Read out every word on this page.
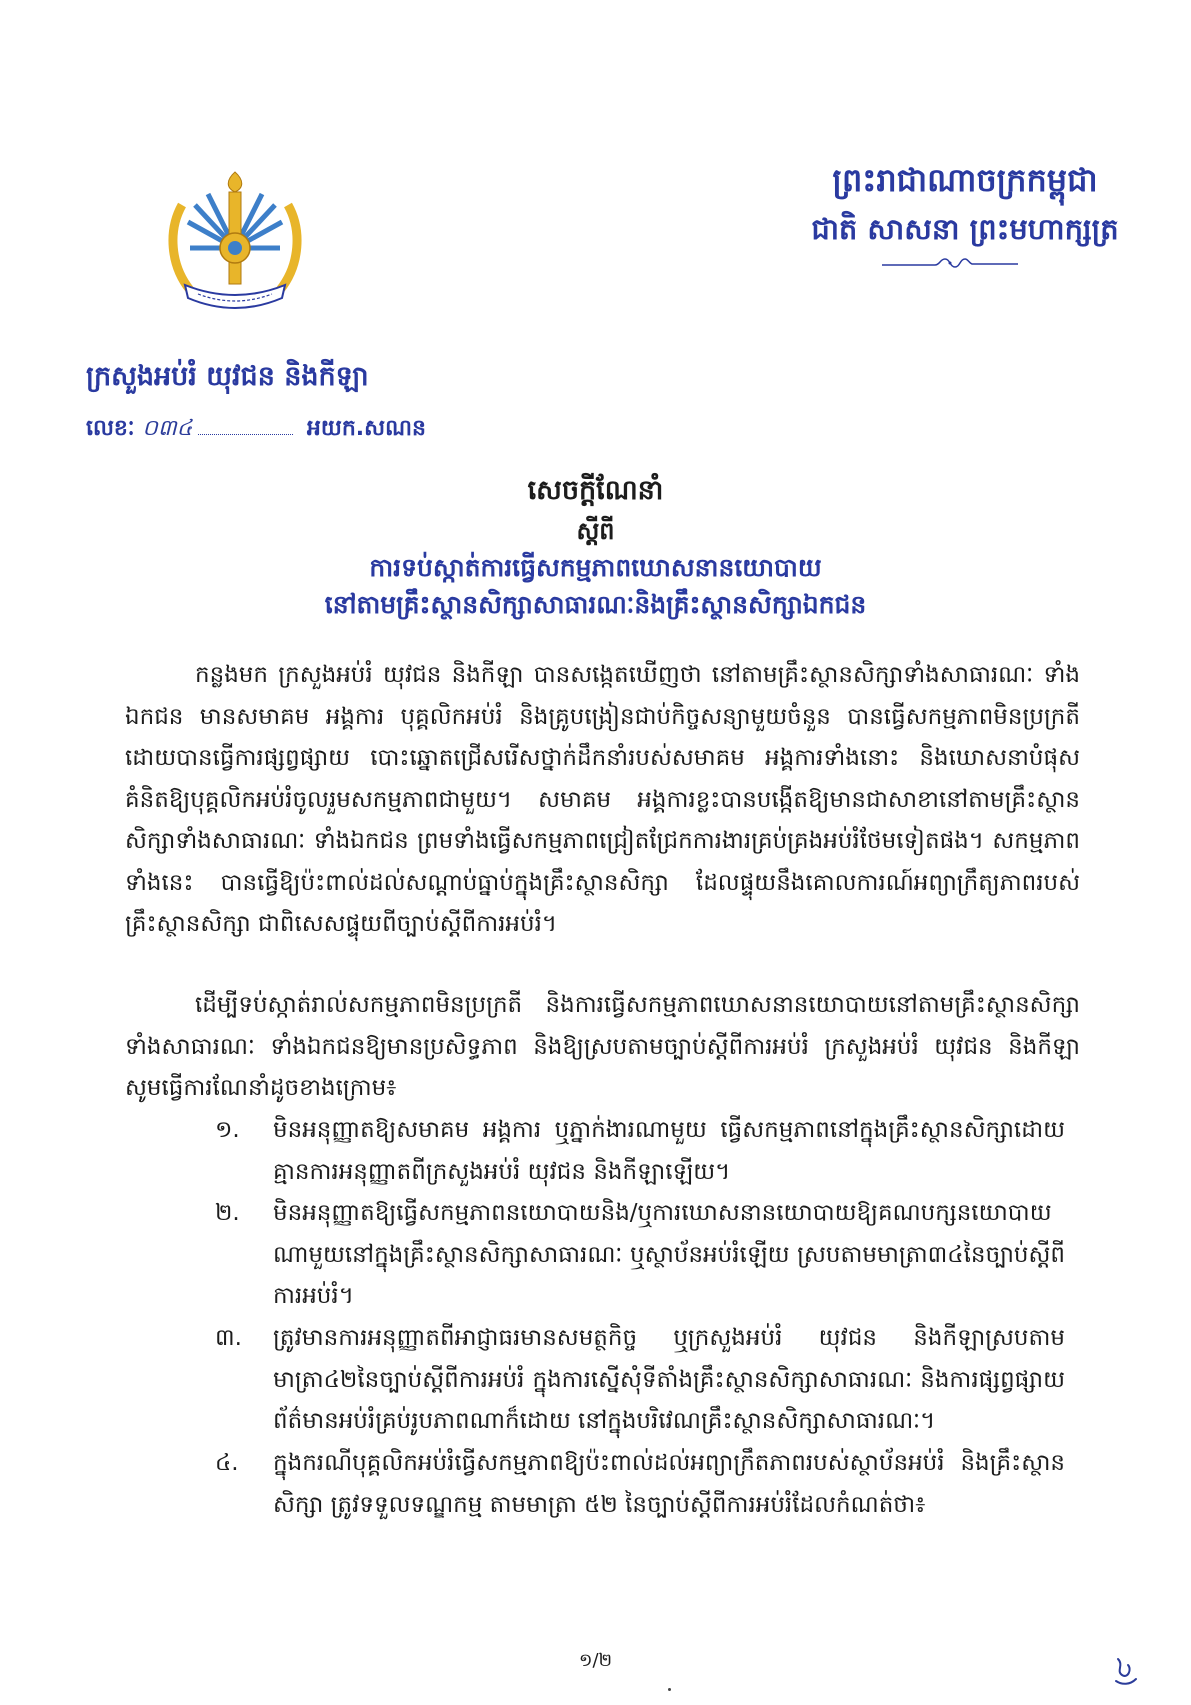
ព្រះរាជាណាចក្រកម្ពុជា
ជាតិ សាសនា ព្រះមហាក្សត្រ
ក្រសួងអប់រំ យុវជន និងកីឡា
លេខៈ ០៣៤	អយក.សណន
សេចក្ដីណែនាំ
ស្ដីពី
ការទប់ស្កាត់ការធ្វើសកម្មភាពឃោសនានយោបាយ
នៅតាមគ្រឹះស្ថានសិក្សាសាធារណៈនិងគ្រឹះស្ថានសិក្សាឯកជន
កន្លងមក ក្រសួងអប់រំ យុវជន និងកីឡា បានសង្កេតឃើញថា នៅតាមគ្រឹះស្ថានសិក្សាទាំងសាធារណៈ ទាំងឯកជន មានសមាគម អង្គការ បុគ្គលិកអប់រំ និងគ្រូបង្រៀនជាប់កិច្ចសន្យាមួយចំនួន បានធ្វើសកម្មភាពមិនប្រក្រតី ដោយបានធ្វើការផ្សព្វផ្សាយ បោះឆ្នោតជ្រើសរើសថ្នាក់ដឹកនាំរបស់សមាគម អង្គការទាំងនោះ និងឃោសនាបំផុសគំនិតឱ្យបុគ្គលិកអប់រំចូលរួមសកម្មភាពជាមួយ។ សមាគម អង្គការខ្លះបានបង្កើតឱ្យមានជាសាខានៅតាមគ្រឹះស្ថានសិក្សាទាំងសាធារណៈ ទាំងឯកជន ព្រមទាំងធ្វើសកម្មភាពជ្រៀតជ្រែកការងារគ្រប់គ្រងអប់រំថែមទៀតផង។ សកម្មភាពទាំងនេះ បានធ្វើឱ្យប៉ះពាល់ដល់សណ្ដាប់ធ្នាប់ក្នុងគ្រឹះស្ថានសិក្សា ដែលផ្ទុយនឹងគោលការណ៍អព្យាក្រឹត្យភាពរបស់គ្រឹះស្ថានសិក្សា ជាពិសេសផ្ទុយពីច្បាប់ស្ដីពីការអប់រំ។
ដើម្បីទប់ស្កាត់រាល់សកម្មភាពមិនប្រក្រតី និងការធ្វើសកម្មភាពឃោសនានយោបាយនៅតាមគ្រឹះស្ថានសិក្សាទាំងសាធារណៈ ទាំងឯកជនឱ្យមានប្រសិទ្ធភាព និងឱ្យស្របតាមច្បាប់ស្ដីពីការអប់រំ ក្រសួងអប់រំ យុវជន និងកីឡា សូមធ្វើការណែនាំដូចខាងក្រោម៖
១.	មិនអនុញ្ញាតឱ្យសមាគម អង្គការ ឬភ្នាក់ងារណាមួយ ធ្វើសកម្មភាពនៅក្នុងគ្រឹះស្ថានសិក្សាដោយគ្មានការអនុញ្ញាតពីក្រសួងអប់រំ យុវជន និងកីឡាឡើយ។
២.	មិនអនុញ្ញាតឱ្យធ្វើសកម្មភាពនយោបាយនិង/ឬការឃោសនានយោបាយឱ្យគណបក្សនយោបាយណាមួយនៅក្នុងគ្រឹះស្ថានសិក្សាសាធារណៈ ឬស្ថាប័នអប់រំឡើយ ស្របតាមមាត្រា៣៤នៃច្បាប់ស្ដីពីការអប់រំ។
៣.	ត្រូវមានការអនុញ្ញាតពីអាជ្ញាធរមានសមត្ថកិច្ច ឬក្រសួងអប់រំ យុវជន និងកីឡាស្របតាមមាត្រា៤២នៃច្បាប់ស្ដីពីការអប់រំ ក្នុងការស្នើសុំទីតាំងគ្រឹះស្ថានសិក្សាសាធារណៈ និងការផ្សព្វផ្សាយព័ត៌មានអប់រំគ្រប់រូបភាពណាក៏ដោយ នៅក្នុងបរិវេណគ្រឹះស្ថានសិក្សាសាធារណៈ។
៤.	ក្នុងករណីបុគ្គលិកអប់រំធ្វើសកម្មភាពឱ្យប៉ះពាល់ដល់អព្យាក្រឹតភាពរបស់ស្ថាប័នអប់រំ និងគ្រឹះស្ថានសិក្សា ត្រូវទទួលទណ្ឌកម្ម តាមមាត្រា ៥២ នៃច្បាប់ស្ដីពីការអប់រំដែលកំណត់ថា៖
១/២
